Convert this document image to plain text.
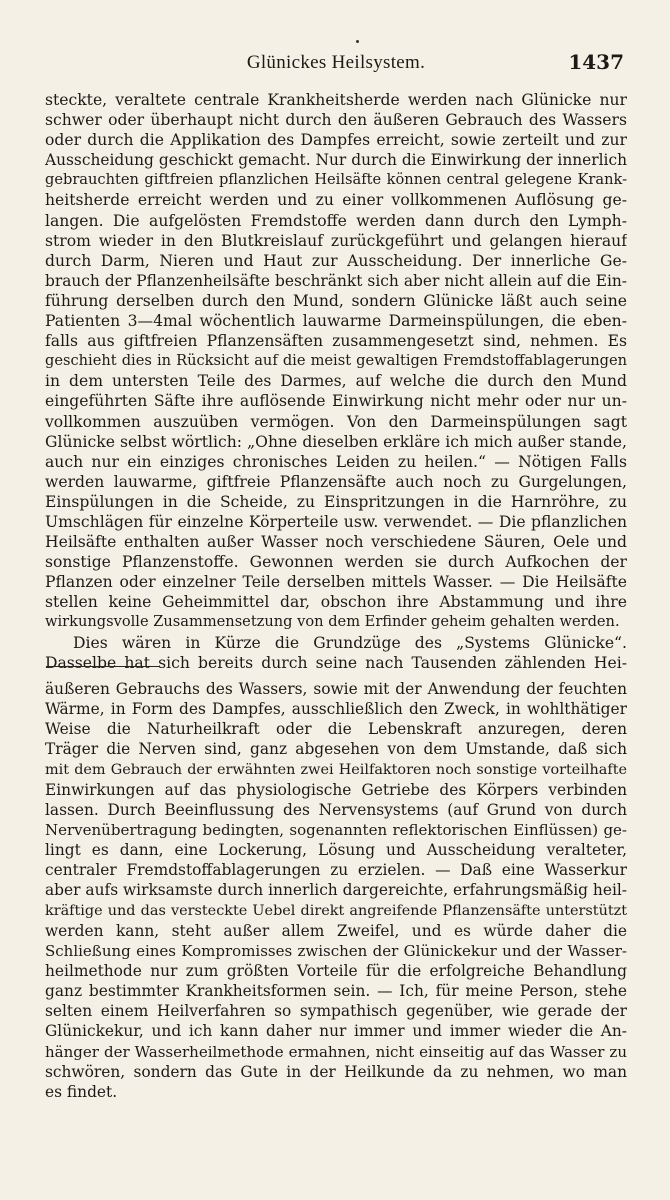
Glünickes Heilsystem.	1437
steckte, veraltete centrale Krankheitsherde werden nach Glünicke nur
schwer oder überhaupt nicht durch den äußeren Gebrauch des Wassers
oder durch die Applikation des Dampfes erreicht, sowie zerteilt und zur
Ausscheidung geschickt gemacht. Nur durch die Einwirkung der innerlich
gebrauchten giftfreien pflanzlichen Heilsäfte können central gelegene Krank-
heitsherde erreicht werden und zu einer vollkommenen Auflösung ge-
langen. Die aufgelösten Fremdstoffe werden dann durch den Lymph-
strom wieder in den Blutkreislauf zurückgeführt und gelangen hierauf
durch Darm, Nieren und Haut zur Ausscheidung. Der innerliche Ge-
brauch der Pflanzenheilsäfte beschränkt sich aber nicht allein auf die Ein-
führung derselben durch den Mund, sondern Glünicke läßt auch seine
Patienten 3—4mal wöchentlich lauwarme Darmeinspülungen, die eben-
falls aus giftfreien Pflanzensäften zusammengesetzt sind, nehmen. Es
geschieht dies in Rücksicht auf die meist gewaltigen Fremdstoffablagerungen
in dem untersten Teile des Darmes, auf welche die durch den Mund
eingeführten Säfte ihre auflösende Einwirkung nicht mehr oder nur un-
vollkommen auszuüben vermögen. Von den Darmeinspülungen sagt
Glünicke selbst wörtlich: „Ohne dieselben erkläre ich mich außer stande,
auch nur ein einziges chronisches Leiden zu heilen.“ — Nötigen Falls
werden lauwarme, giftfreie Pflanzensäfte auch noch zu Gurgelungen,
Einspülungen in die Scheide, zu Einspritzungen in die Harnröhre, zu
Umschlägen für einzelne Körperteile usw. verwendet. — Die pflanzlichen
Heilsäfte enthalten außer Wasser noch verschiedene Säuren, Oele und
sonstige Pflanzenstoffe. Gewonnen werden sie durch Aufkochen der
Pflanzen oder einzelner Teile derselben mittels Wasser. — Die Heilsäfte
stellen keine Geheimmittel dar, obschon ihre Abstammung und ihre
wirkungsvolle Zusammensetzung von dem Erfinder geheim gehalten werden.
Dies wären in Kürze die Grundzüge des „Systems Glünicke“.
Dasselbe hat sich bereits durch seine nach Tausenden zählenden Hei-
äußeren Gebrauchs des Wassers, sowie mit der Anwendung der feuchten
Wärme, in Form des Dampfes, ausschließlich den Zweck, in wohlthätiger
Weise die Naturheilkraft oder die Lebenskraft anzuregen, deren
Träger die Nerven sind, ganz abgesehen von dem Umstande, daß sich
mit dem Gebrauch der erwähnten zwei Heilfaktoren noch sonstige vorteilhafte
Einwirkungen auf das physiologische Getriebe des Körpers verbinden
lassen. Durch Beeinflussung des Nervensystems (auf Grund von durch
Nervenübertragung bedingten, sogenannten reflektorischen Einflüssen) ge-
lingt es dann, eine Lockerung, Lösung und Ausscheidung veralteter,
centraler Fremdstoffablagerungen zu erzielen. — Daß eine Wasserkur
aber aufs wirksamste durch innerlich dargereichte, erfahrungsmäßig heil-
kräftige und das versteckte Uebel direkt angreifende Pflanzensäfte unterstützt
werden kann, steht außer allem Zweifel, und es würde daher die
Schließung eines Kompromisses zwischen der Glünickekur und der Wasser-
heilmethode nur zum größten Vorteile für die erfolgreiche Behandlung
ganz bestimmter Krankheitsformen sein. — Ich, für meine Person, stehe
selten einem Heilverfahren so sympathisch gegenüber, wie gerade der
Glünickekur, und ich kann daher nur immer und immer wieder die An-
hänger der Wasserheilmethode ermahnen, nicht einseitig auf das Wasser zu
schwören, sondern das Gute in der Heilkunde da zu nehmen, wo man
es findet.
